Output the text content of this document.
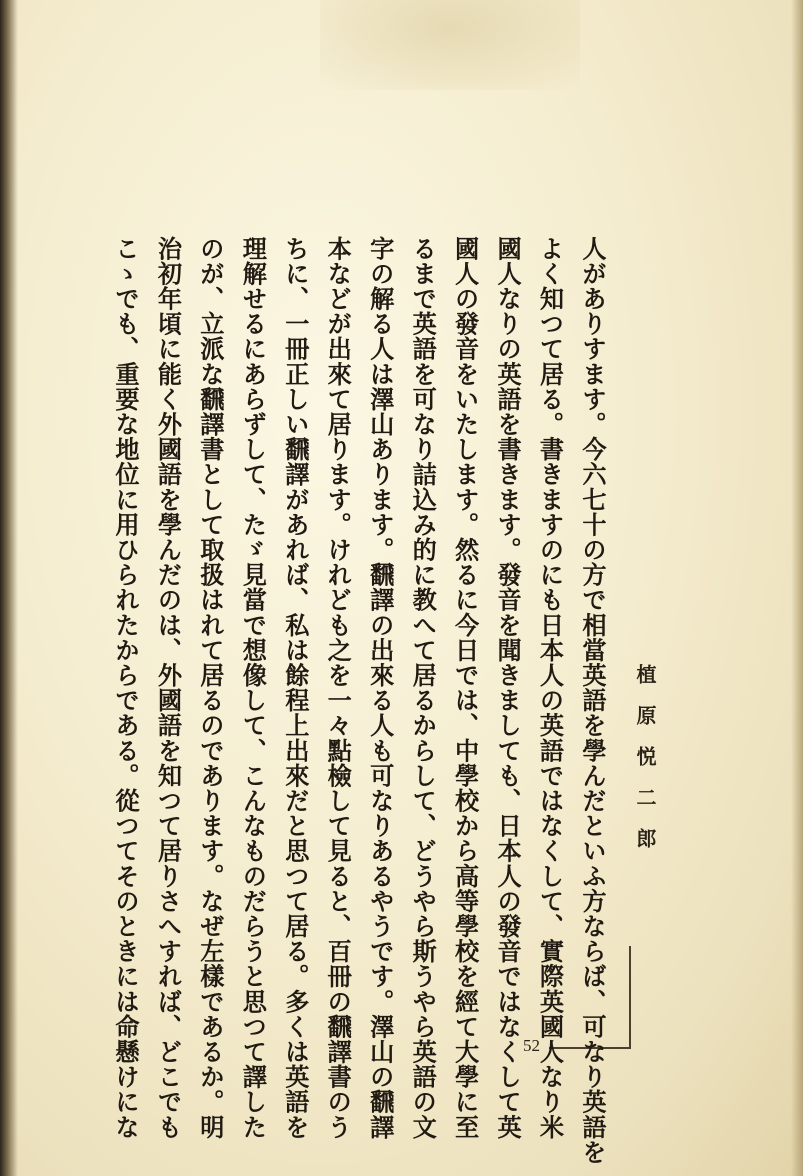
植原悦二郎
52 人がありすます。今六七十の方で相當英語を學んだといふ方ならば、可なり英語を
よく知つて居る。書きますのにも日本人の英語ではなくして、實際英國人なり米
國人なりの英語を書きます。發音を聞きましても、日本人の發音ではなくして英
國人の發音をいたします。然るに今日では、中學校から高等學校を經て大學に至
るまで英語を可なり詰込み的に教へて居るからして、どうやら斯うやら英語の文
字の解る人は澤山あります。飜譯の出來る人も可なりあるやうです。澤山の飜譯
本などが出來て居ります。けれども之を一々點檢して見ると、百冊の飜譯書のう
ちに、一冊正しい飜譯があれば、私は餘程上出來だと思つて居る。多くは英語を
理解せるにあらずして、たゞ見當で想像して、こんなものだらうと思つて譯した
のが、立派な飜譯書として取扱はれて居るのであります。なぜ左樣であるか。明
治初年頃に能く外國語を學んだのは、外國語を知つて居りさへすれば、どこでも
こゝでも、重要な地位に用ひられたからである。從つてそのときには命懸けにな
